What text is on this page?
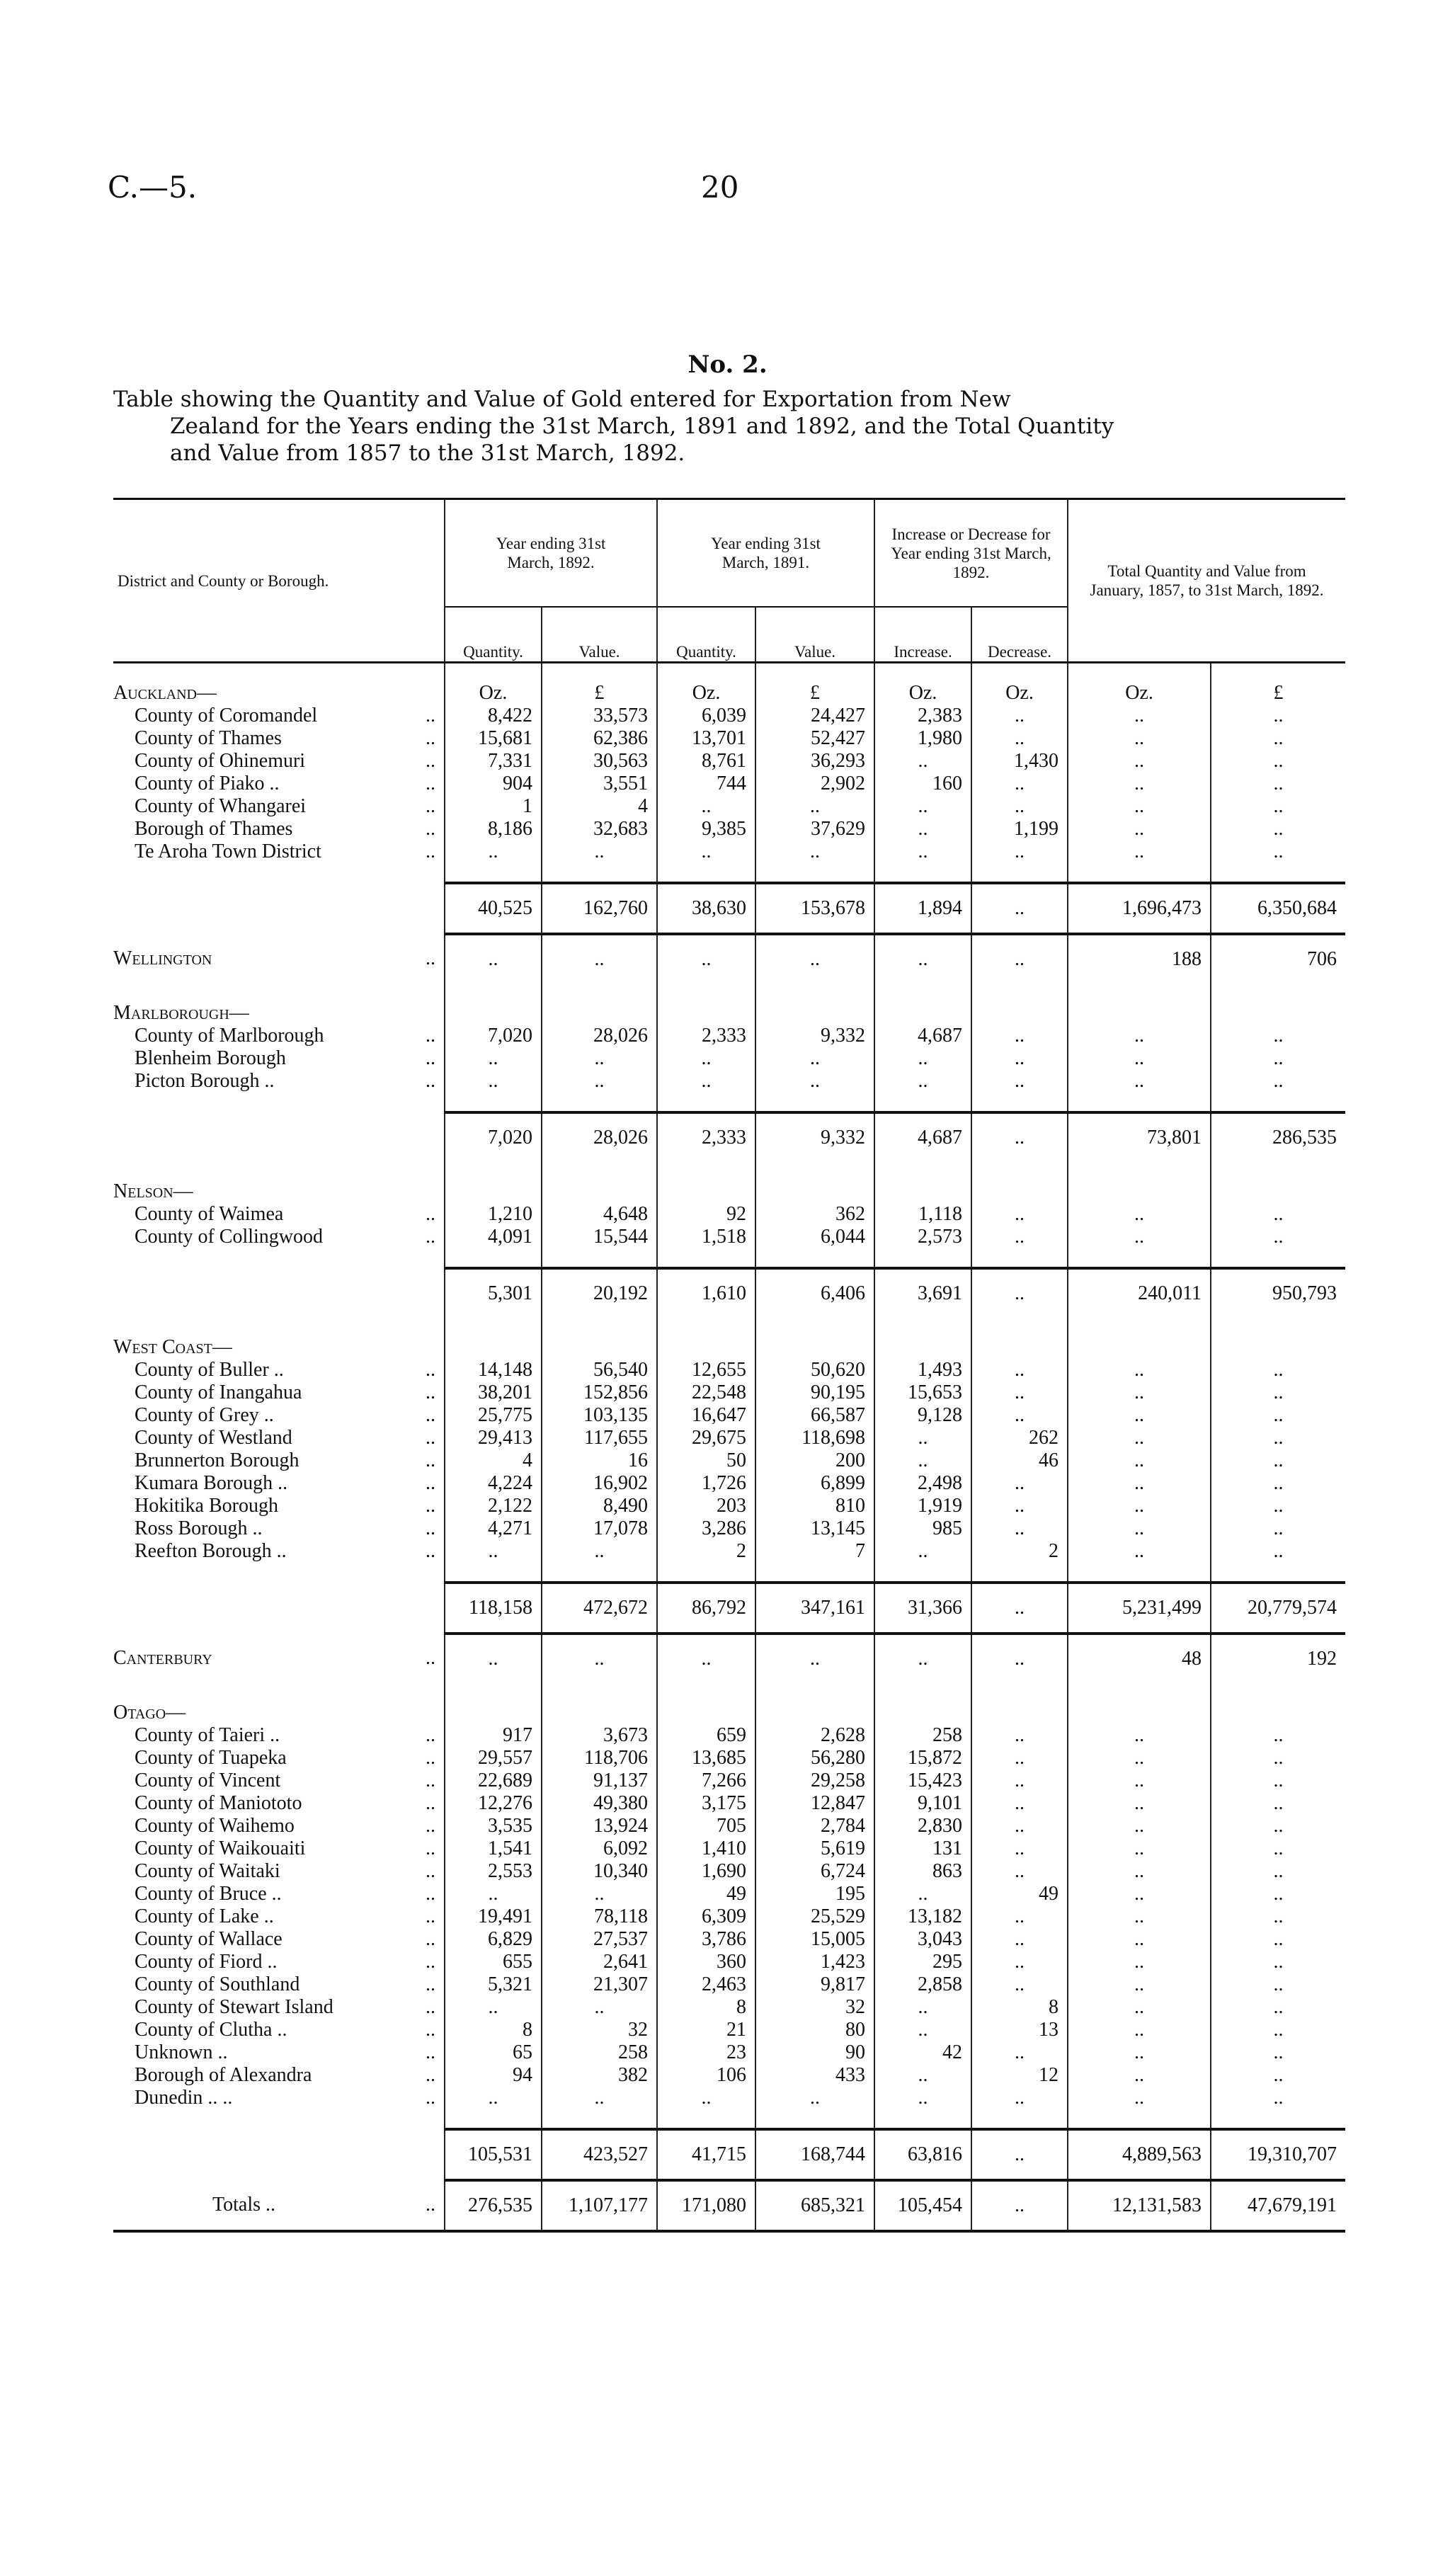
C.—5.	20
No. 2.

Table showing the Quantity and Value of Gold entered for Exportation from New

Zealand for the Years ending the 31st March, 1891 and 1892, and the Total Quantity

and Value from 1857 to the 31st March, 1892.

District and County or Borough.	Year ending 31st March, 1892.		Year ending 31st March, 1891.		Increase or Decrease for Year ending 31st March, 1892.		Total Quantity and Value from January, 1857, to 31st March, 1892.	
	Quantity.	Value.	Quantity.	Value.	Increase.	Decrease.		

Auckland—	Oz.	£	Oz.	£	Oz.	Oz.	Oz.	£
County of Coromandel ..	8,422	33,573	6,039	24,427	2,383	..	..	..
County of Thames ..	15,681	62,386	13,701	52,427	1,980	..	..	..
County of Ohinemuri ..	7,331	30,563	8,761	36,293	..	1,430	..	..
County of Piako .. ..	904	3,551	744	2,902	160	..	..	..
County of Whangarei ..	1	4	..	..	..	..	..	..
Borough of Thames ..	8,186	32,683	9,385	37,629	..	1,199	..	..
Te Aroha Town District ..	..	..	..	..	..	..	..	..

	40,525	162,760	38,630	153,678	1,894	..	1,696,473	6,350,684
Wellington ..	..	..	..	..	..	..	188	706

Marlborough—								
County of Marlborough ..	7,020	28,026	2,333	9,332	4,687	..	..	..
Blenheim Borough ..	..	..	..	..	..	..	..	..
Picton Borough .. ..	..	..	..	..	..	..	..	..

	7,020	28,026	2,333	9,332	4,687	..	73,801	286,535

Nelson—								
County of Waimea ..	1,210	4,648	92	362	1,118	..	..	..
County of Collingwood ..	4,091	15,544	1,518	6,044	2,573	..	..	..

	5,301	20,192	1,610	6,406	3,691	..	240,011	950,793

West Coast—								
County of Buller .. ..	14,148	56,540	12,655	50,620	1,493	..	..	..
County of Inangahua ..	38,201	152,856	22,548	90,195	15,653	..	..	..
County of Grey .. ..	25,775	103,135	16,647	66,587	9,128	..	..	..
County of Westland ..	29,413	117,655	29,675	118,698	..	262	..	..
Brunnerton Borough ..	4	16	50	200	..	46	..	..
Kumara Borough .. ..	4,224	16,902	1,726	6,899	2,498	..	..	..
Hokitika Borough ..	2,122	8,490	203	810	1,919	..	..	..
Ross Borough .. ..	4,271	17,078	3,286	13,145	985	..	..	..
Reefton Borough .. ..	..	..	2	7	..	2	..	..

	118,158	472,672	86,792	347,161	31,366	..	5,231,499	20,779,574
Canterbury ..	..	..	..	..	..	..	48	192

Otago—								
County of Taieri .. ..	917	3,673	659	2,628	258	..	..	..
County of Tuapeka ..	29,557	118,706	13,685	56,280	15,872	..	..	..
County of Vincent ..	22,689	91,137	7,266	29,258	15,423	..	..	..
County of Maniototo ..	12,276	49,380	3,175	12,847	9,101	..	..	..
County of Waihemo ..	3,535	13,924	705	2,784	2,830	..	..	..
County of Waikouaiti ..	1,541	6,092	1,410	5,619	131	..	..	..
County of Waitaki ..	2,553	10,340	1,690	6,724	863	..	..	..
County of Bruce .. ..	..	..	49	195	..	49	..	..
County of Lake .. ..	19,491	78,118	6,309	25,529	13,182	..	..	..
County of Wallace ..	6,829	27,537	3,786	15,005	3,043	..	..	..
County of Fiord .. ..	655	2,641	360	1,423	295	..	..	..
County of Southland ..	5,321	21,307	2,463	9,817	2,858	..	..	..
County of Stewart Island ..	..	..	8	32	..	8	..	..
County of Clutha .. ..	8	32	21	80	..	13	..	..
Unknown .. ..	65	258	23	90	42	..	..	..
Borough of Alexandra ..	94	382	106	433	..	12	..	..
Dunedin .. .. ..	..	..	..	..	..	..	..	..

	105,531	423,527	41,715	168,744	63,816	..	4,889,563	19,310,707
Totals .. ..	276,535	1,107,177	171,080	685,321	105,454	..	12,131,583	47,679,191
